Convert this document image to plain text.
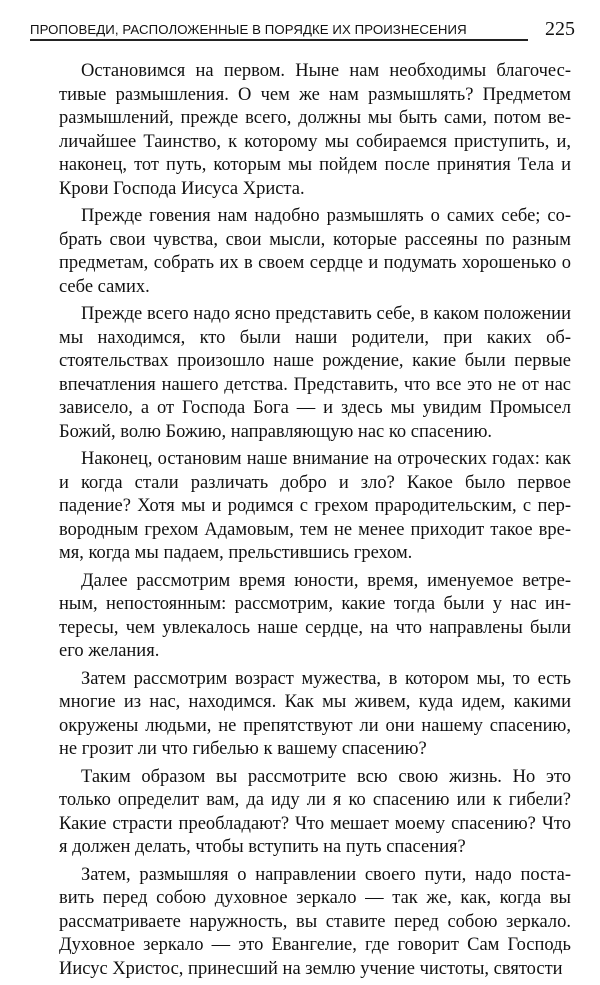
ПРОПОВЕДИ, РАСПОЛОЖЕННЫЕ В ПОРЯДКЕ ИХ ПРОИЗНЕСЕНИЯ	225

Остановимся на первом. Ныне нам необходимы благочестивые размышления. О чем же нам размышлять? Предметом размышлений, прежде всего, должны мы быть сами, потом величайшее Таинство, к которому мы собираемся приступить, и, наконец, тот путь, которым мы пойдем после принятия Тела и Крови Господа Иисуса Христа.

Прежде говения нам надобно размышлять о самих себе; собрать свои чувства, свои мысли, которые рассеяны по разным предметам, собрать их в своем сердце и подумать хорошенько о себе самих.

Прежде всего надо ясно представить себе, в каком положении мы находимся, кто были наши родители, при каких обстоятельствах произошло наше рождение, какие были первые впечатления нашего детства. Представить, что все это не от нас зависело, а от Господа Бога — и здесь мы увидим Промысел Божий, волю Божию, направляющую нас ко спасению.

Наконец, остановим наше внимание на отроческих годах: как и когда стали различать добро и зло? Какое было первое падение? Хотя мы и родимся с грехом прародительским, с первородным грехом Адамовым, тем не менее приходит такое время, когда мы падаем, прельстившись грехом.

Далее рассмотрим время юности, время, именуемое ветреным, непостоянным: рассмотрим, какие тогда были у нас интересы, чем увлекалось наше сердце, на что направлены были его желания.

Затем рассмотрим возраст мужества, в котором мы, то есть многие из нас, находимся. Как мы живем, куда идем, какими окружены людьми, не препятствуют ли они нашему спасению, не грозит ли что гибелью к вашему спасению?

Таким образом вы рассмотрите всю свою жизнь. Но это только определит вам, да иду ли я ко спасению или к гибели? Какие страсти преобладают? Что мешает моему спасению? Что я должен делать, чтобы вступить на путь спасения?

Затем, размышляя о направлении своего пути, надо поставить перед собою духовное зеркало — так же, как, когда вы рассматриваете наружность, вы ставите перед собою зеркало. Духовное зеркало — это Евангелие, где говорит Сам Господь Иисус Христос, принесший на землю учение чистоты, святости
